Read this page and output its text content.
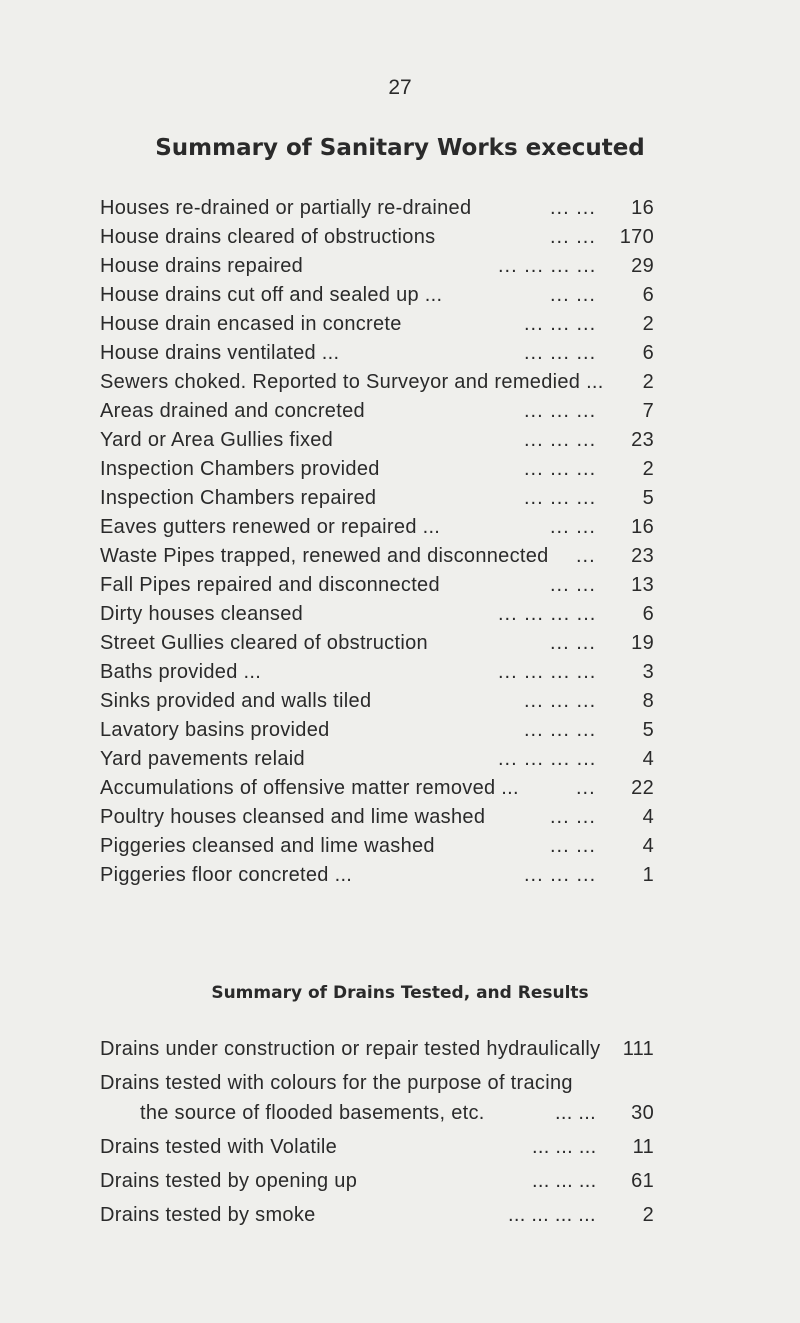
27
Summary of Sanitary Works executed
Houses re-drained or partially re-drained	... ... 16
House drains cleared of obstructions	... ... 170
House drains repaired	... ... ... ... 29
House drains cut off and sealed up ...	... ... 6
House drain encased in concrete	... ... ... 2
House drains ventilated ...	... ... ... 6
Sewers choked. Reported to Surveyor and remedied ... 2
Areas drained and concreted	... ... ... 7
Yard or Area Gullies fixed	... ... ... 23
Inspection Chambers provided	... ... ... 2
Inspection Chambers repaired	... ... ... 5
Eaves gutters renewed or repaired ...	... ... 16
Waste Pipes trapped, renewed and disconnected ... 23
Fall Pipes repaired and disconnected	... ... 13
Dirty houses cleansed	... ... ... ... 6
Street Gullies cleared of obstruction	... ... 19
Baths provided ...	... ... ... ... 3
Sinks provided and walls tiled	... ... ... 8
Lavatory basins provided	... ... ... 5
Yard pavements relaid	... ... ... ... 4
Accumulations of offensive matter removed ...	... 22
Poultry houses cleansed and lime washed	... ... 4
Piggeries cleansed and lime washed	... ... 4
Piggeries floor concreted ...	... ... ... 1
Summary of Drains Tested, and Results
Drains under construction or repair tested hydraulically 111
Drains tested with colours for the purpose of tracing
the source of flooded basements, etc.	... ... 30
Drains tested with Volatile	... ... ... 11
Drains tested by opening up	... ... ... 61
Drains tested by smoke	... ... ... ... 2
